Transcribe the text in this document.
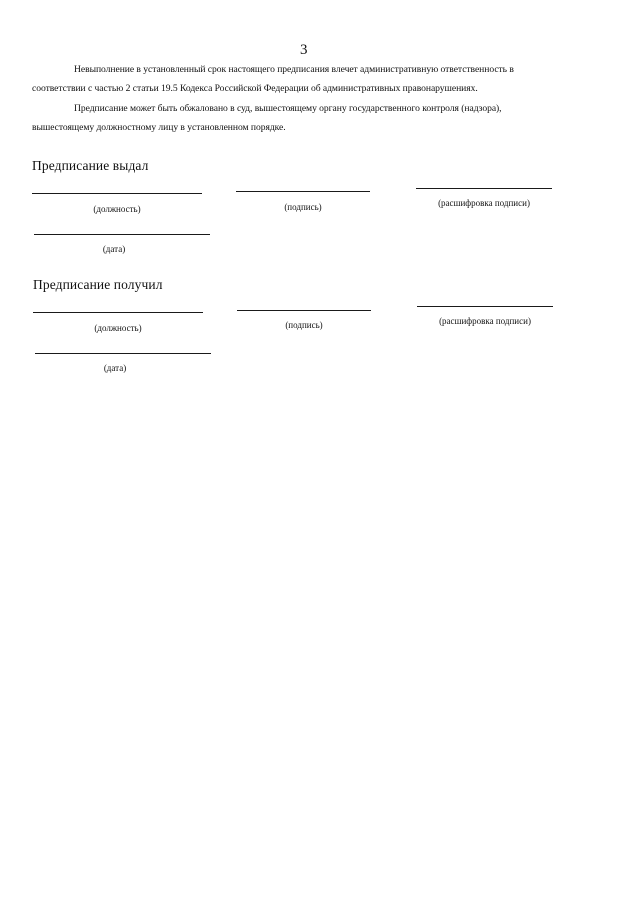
3

Невыполнение в установленный срок настоящего предписания влечет административную ответственность в соответствии с частью 2 статьи 19.5 Кодекса Российской Федерации об административных правонарушениях.

Предписание может быть обжаловано в суд, вышестоящему органу государственного контроля (надзора), вышестоящему должностному лицу в установленном порядке.

Предписание выдал
(должность)	(подпись)	(расшифровка подписи)
(дата)
Предписание получил
(должность)	(подпись)	(расшифровка подписи)
(дата)
